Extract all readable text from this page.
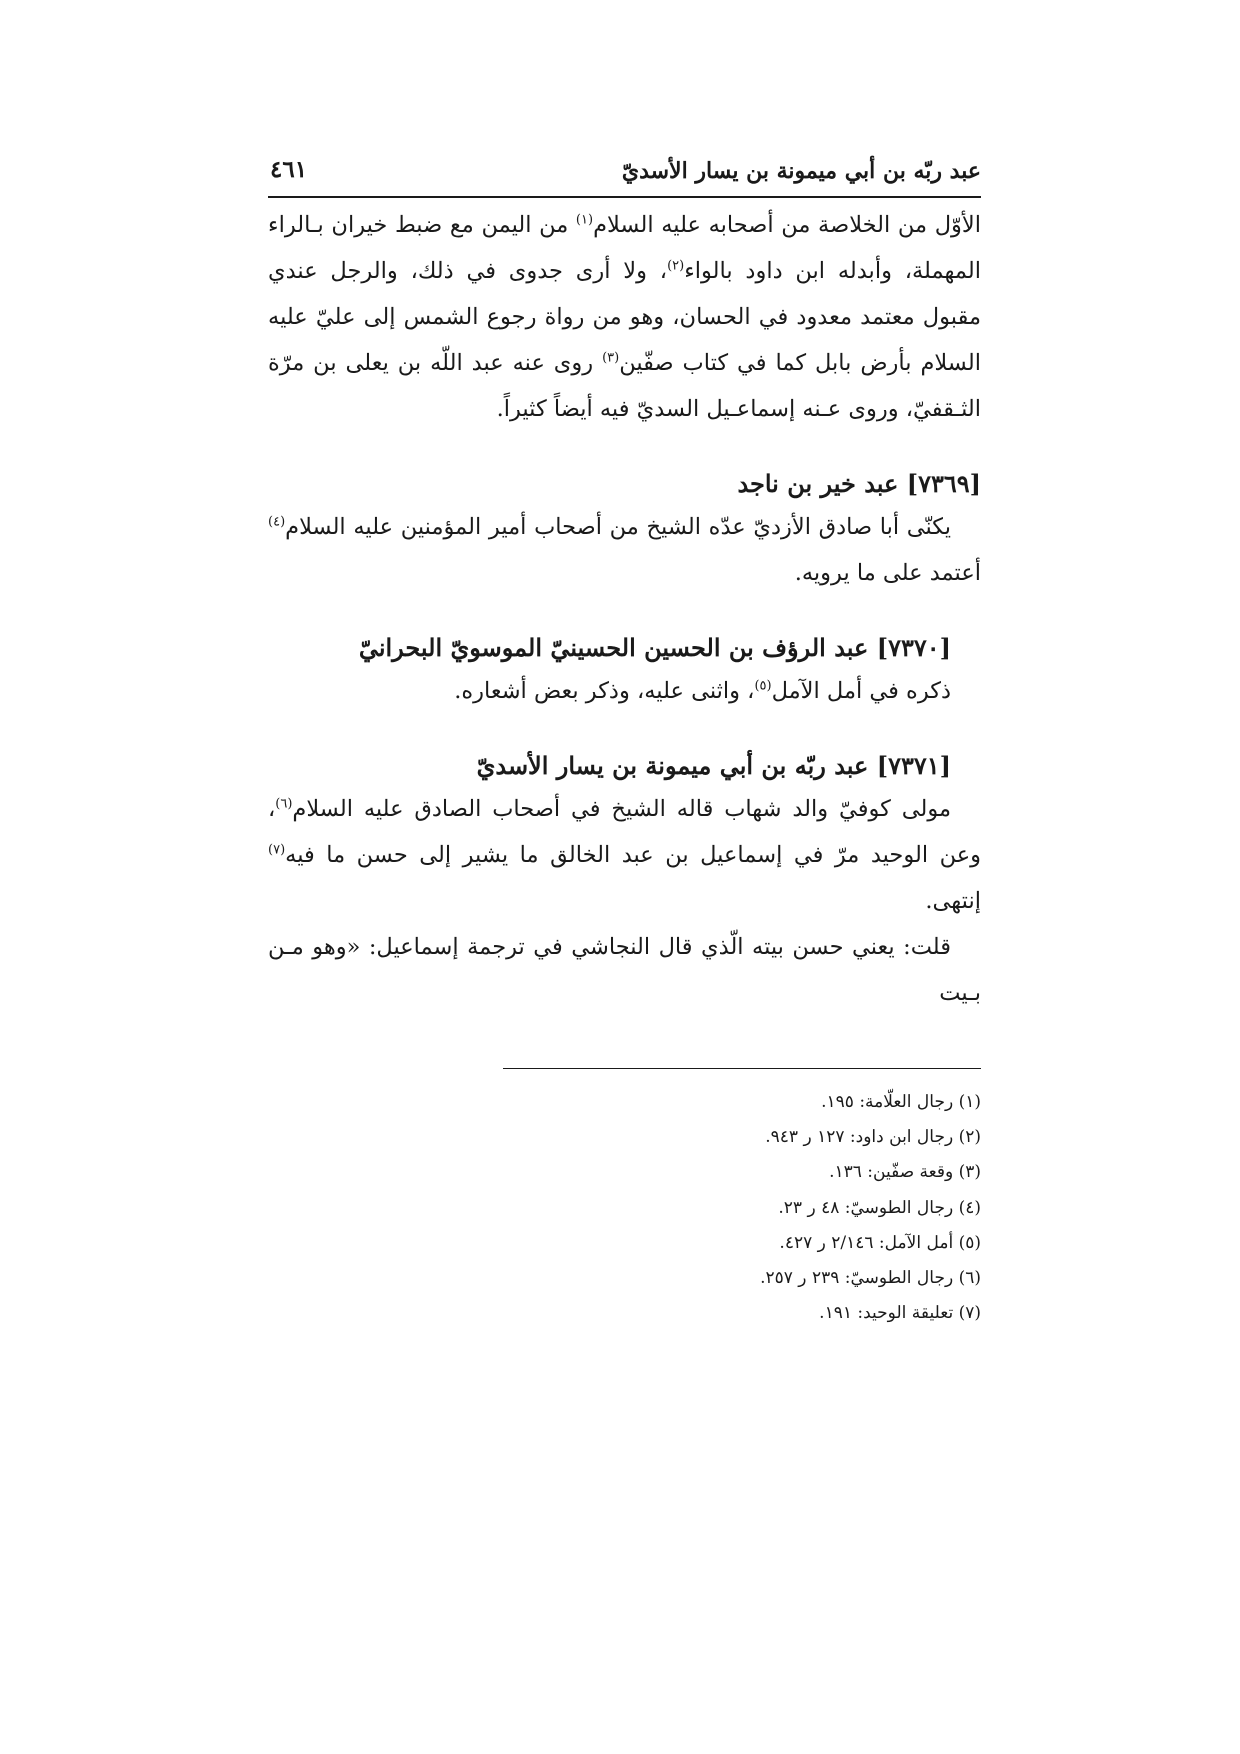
عبد ربّه بن أبي ميمونة بن يسار الأسديّ
٤٦١

الأوّل من الخلاصة من أصحابه عليه السلام$^{(١)}$ من اليمن مع ضبط خيران بـالراء المهملة، وأبدله ابن داود بالواء$^{(٢)}$، ولا أرى جدوى في ذلك، والرجل عندي مقبول معتمد معدود في الحسان، وهو من رواة رجوع الشمس إلى عليّ عليه السلام بأرض بابل كما في كتاب صفّين$^{(٣)}$ روى عنه عبد اللّه بن يعلى بن مرّة الثـقفيّ، وروى عـنه إسماعـيل السديّ فيه أيضاً كثيراً.

[٧٣٦٩] عبد خير بن ناجد

يكنّى أبا صادق الأزديّ عدّه الشيخ من أصحاب أمير المؤمنين عليه السلام$^{(٤)}$ أعتمد على ما يرويه.

[٧٣٧٠] عبد الرؤف بن الحسين الحسينيّ الموسويّ البحرانيّ

ذكره في أمل الآمل$^{(٥)}$، واثنى عليه، وذكر بعض أشعاره.

[٧٣٧١] عبد ربّه بن أبي ميمونة بن يسار الأسديّ

مولى كوفيّ والد شهاب قاله الشيخ في أصحاب الصادق عليه السلام$^{(٦)}$، وعن الوحيد مرّ في إسماعيل بن عبد الخالق ما يشير إلى حسن ما فيه$^{(٧)}$ إنتهى.

قلت: يعني حسن بيته الّذي قال النجاشي في ترجمة إسماعيل: «وهو مـن بـيت

(١) رجال العلّامة: ١٩٥.
(٢) رجال ابن داود: ١٢٧ ر ٩٤٣.
(٣) وقعة صفّين: ١٣٦.
(٤) رجال الطوسيّ: ٤٨ ر ٢٣.
(٥) أمل الآمل: ٢/١٤٦ ر ٤٢٧.
(٦) رجال الطوسيّ: ٢٣٩ ر ٢٥٧.
(٧) تعليقة الوحيد: ١٩١.
